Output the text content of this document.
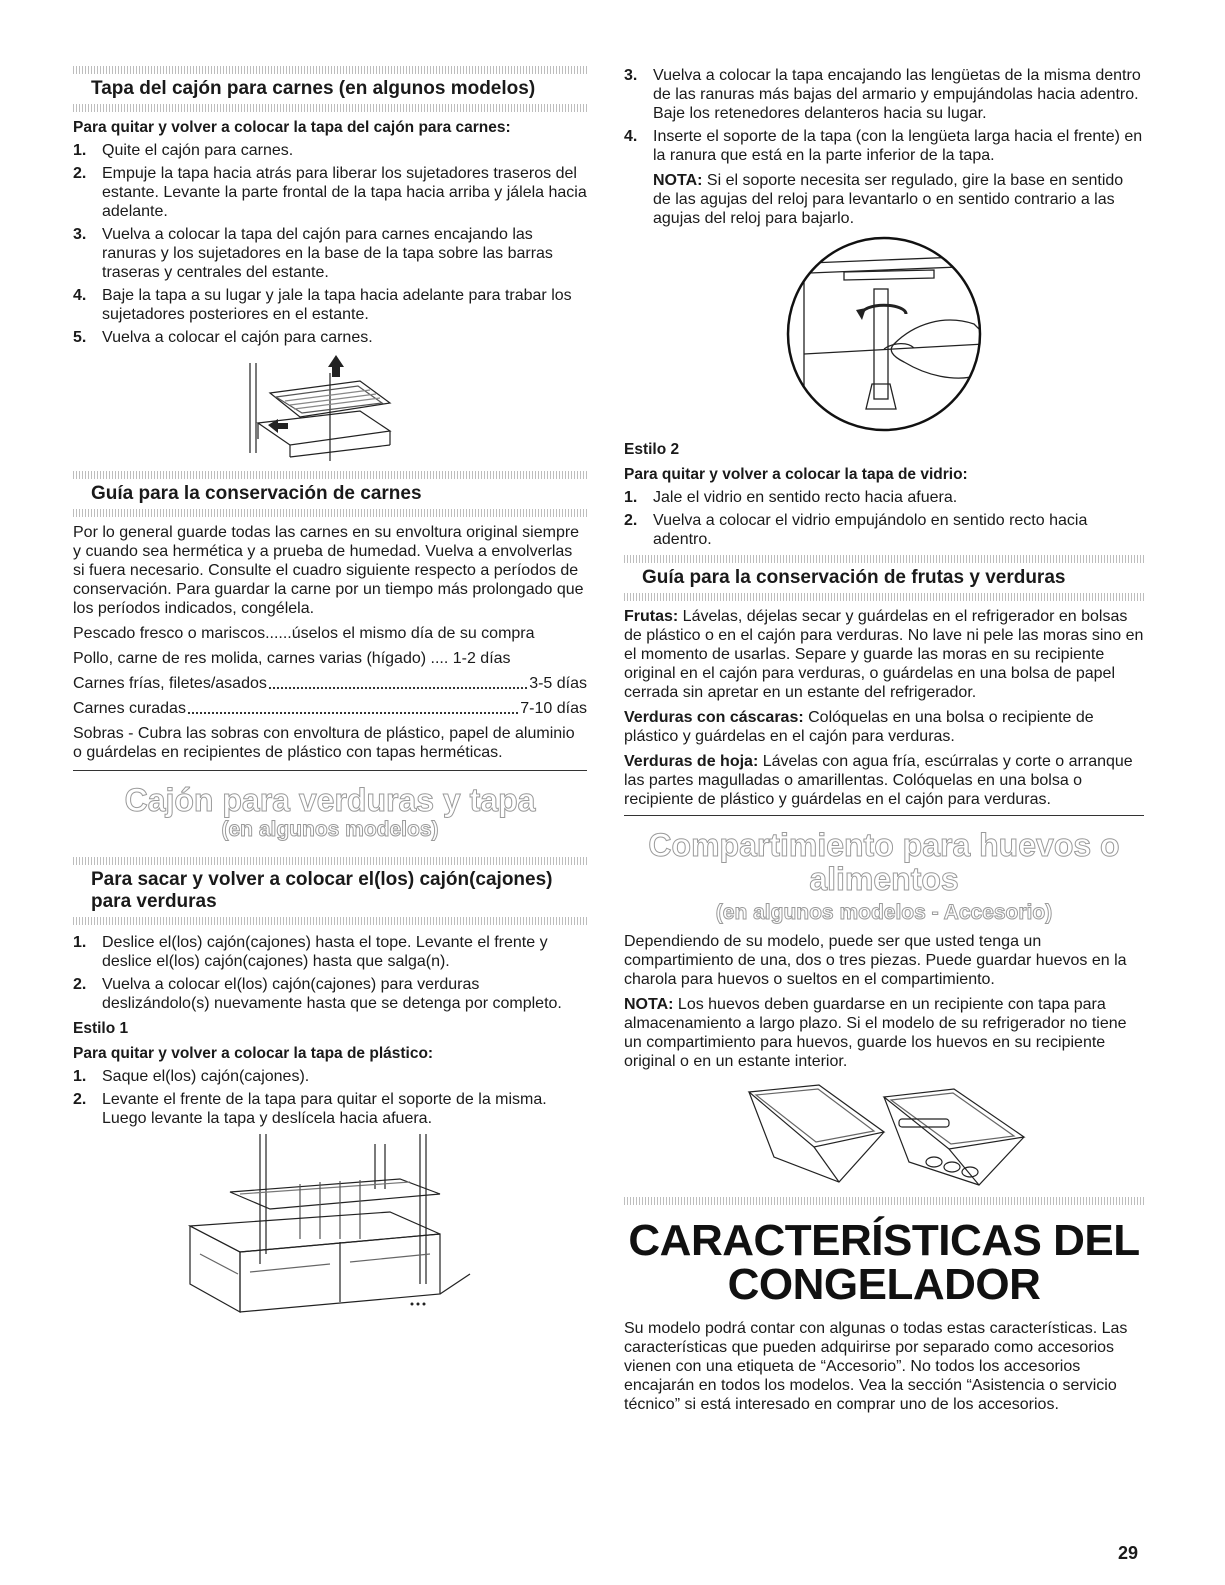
Tapa del cajón para carnes (en algunos modelos)
Para quitar y volver a colocar la tapa del cajón para carnes:
1. Quite el cajón para carnes.
2. Empuje la tapa hacia atrás para liberar los sujetadores traseros del estante. Levante la parte frontal de la tapa hacia arriba y jálela hacia adelante.
3. Vuelva a colocar la tapa del cajón para carnes encajando las ranuras y los sujetadores en la base de la tapa sobre las barras traseras y centrales del estante.
4. Baje la tapa a su lugar y jale la tapa hacia adelante para trabar los sujetadores posteriores en el estante.
5. Vuelva a colocar el cajón para carnes.
Guía para la conservación de carnes

Por lo general guarde todas las carnes en su envoltura original siempre y cuando sea hermética y a prueba de humedad. Vuelva a envolverlas si fuera necesario. Consulte el cuadro siguiente respecto a períodos de conservación. Para guardar la carne por un tiempo más prolongado que los períodos indicados, congélela.

Pescado fresco o mariscos......úselos el mismo día de su compra

Pollo, carne de res molida, carnes varias (hígado) .... 1-2 días

Carnes frías, filetes/asados	3-5 días
Carnes curadas	7-10 días

Sobras - Cubra las sobras con envoltura de plástico, papel de aluminio o guárdelas en recipientes de plástico con tapas herméticas.

Cajón para verduras y tapa
(en algunos modelos)
Para sacar y volver a colocar el(los) cajón(cajones) para verduras
1. Deslice el(los) cajón(cajones) hasta el tope. Levante el frente y deslice el(los) cajón(cajones) hasta que salga(n).
2. Vuelva a colocar el(los) cajón(cajones) para verduras deslizándolo(s) nuevamente hasta que se detenga por completo.
Estilo 1
Para quitar y volver a colocar la tapa de plástico:
1. Saque el(los) cajón(cajones).
2. Levante el frente de la tapa para quitar el soporte de la misma. Luego levante la tapa y deslícela hacia afuera.
3. Vuelva a colocar la tapa encajando las lengüetas de la misma dentro de las ranuras más bajas del armario y empujándolas hacia adentro. Baje los retenedores delanteros hacia su lugar.
4. Inserte el soporte de la tapa (con la lengüeta larga hacia el frente) en la ranura que está en la parte inferior de la tapa.

NOTA: Si el soporte necesita ser regulado, gire la base en sentido de las agujas del reloj para levantarlo o en sentido contrario a las agujas del reloj para bajarlo.

Estilo 2
Para quitar y volver a colocar la tapa de vidrio:
1. Jale el vidrio en sentido recto hacia afuera.
2. Vuelva a colocar el vidrio empujándolo en sentido recto hacia adentro.
Guía para la conservación de frutas y verduras

Frutas: Lávelas, déjelas secar y guárdelas en el refrigerador en bolsas de plástico o en el cajón para verduras. No lave ni pele las moras sino en el momento de usarlas. Separe y guarde las moras en su recipiente original en el cajón para verduras, o guárdelas en una bolsa de papel cerrada sin apretar en un estante del refrigerador.

Verduras con cáscaras: Colóquelas en una bolsa o recipiente de plástico y guárdelas en el cajón para verduras.

Verduras de hoja: Lávelas con agua fría, escúrralas y corte o arranque las partes magulladas o amarillentas. Colóquelas en una bolsa o recipiente de plástico y guárdelas en el cajón para verduras.

Compartimiento para huevos o
alimentos
(en algunos modelos - Accesorio)

Dependiendo de su modelo, puede ser que usted tenga un compartimiento de una, dos o tres piezas. Puede guardar huevos en la charola para huevos o sueltos en el compartimiento.

NOTA: Los huevos deben guardarse en un recipiente con tapa para almacenamiento a largo plazo. Si el modelo de su refrigerador no tiene un compartimiento para huevos, guarde los huevos en su recipiente original o en un estante interior.

CARACTERÍSTICAS DEL
CONGELADOR

Su modelo podrá contar con algunas o todas estas características. Las características que pueden adquirirse por separado como accesorios vienen con una etiqueta de “Accesorio”. No todos los accesorios encajarán en todos los modelos. Vea la sección “Asistencia o servicio técnico” si está interesado en comprar uno de los accesorios.

29
